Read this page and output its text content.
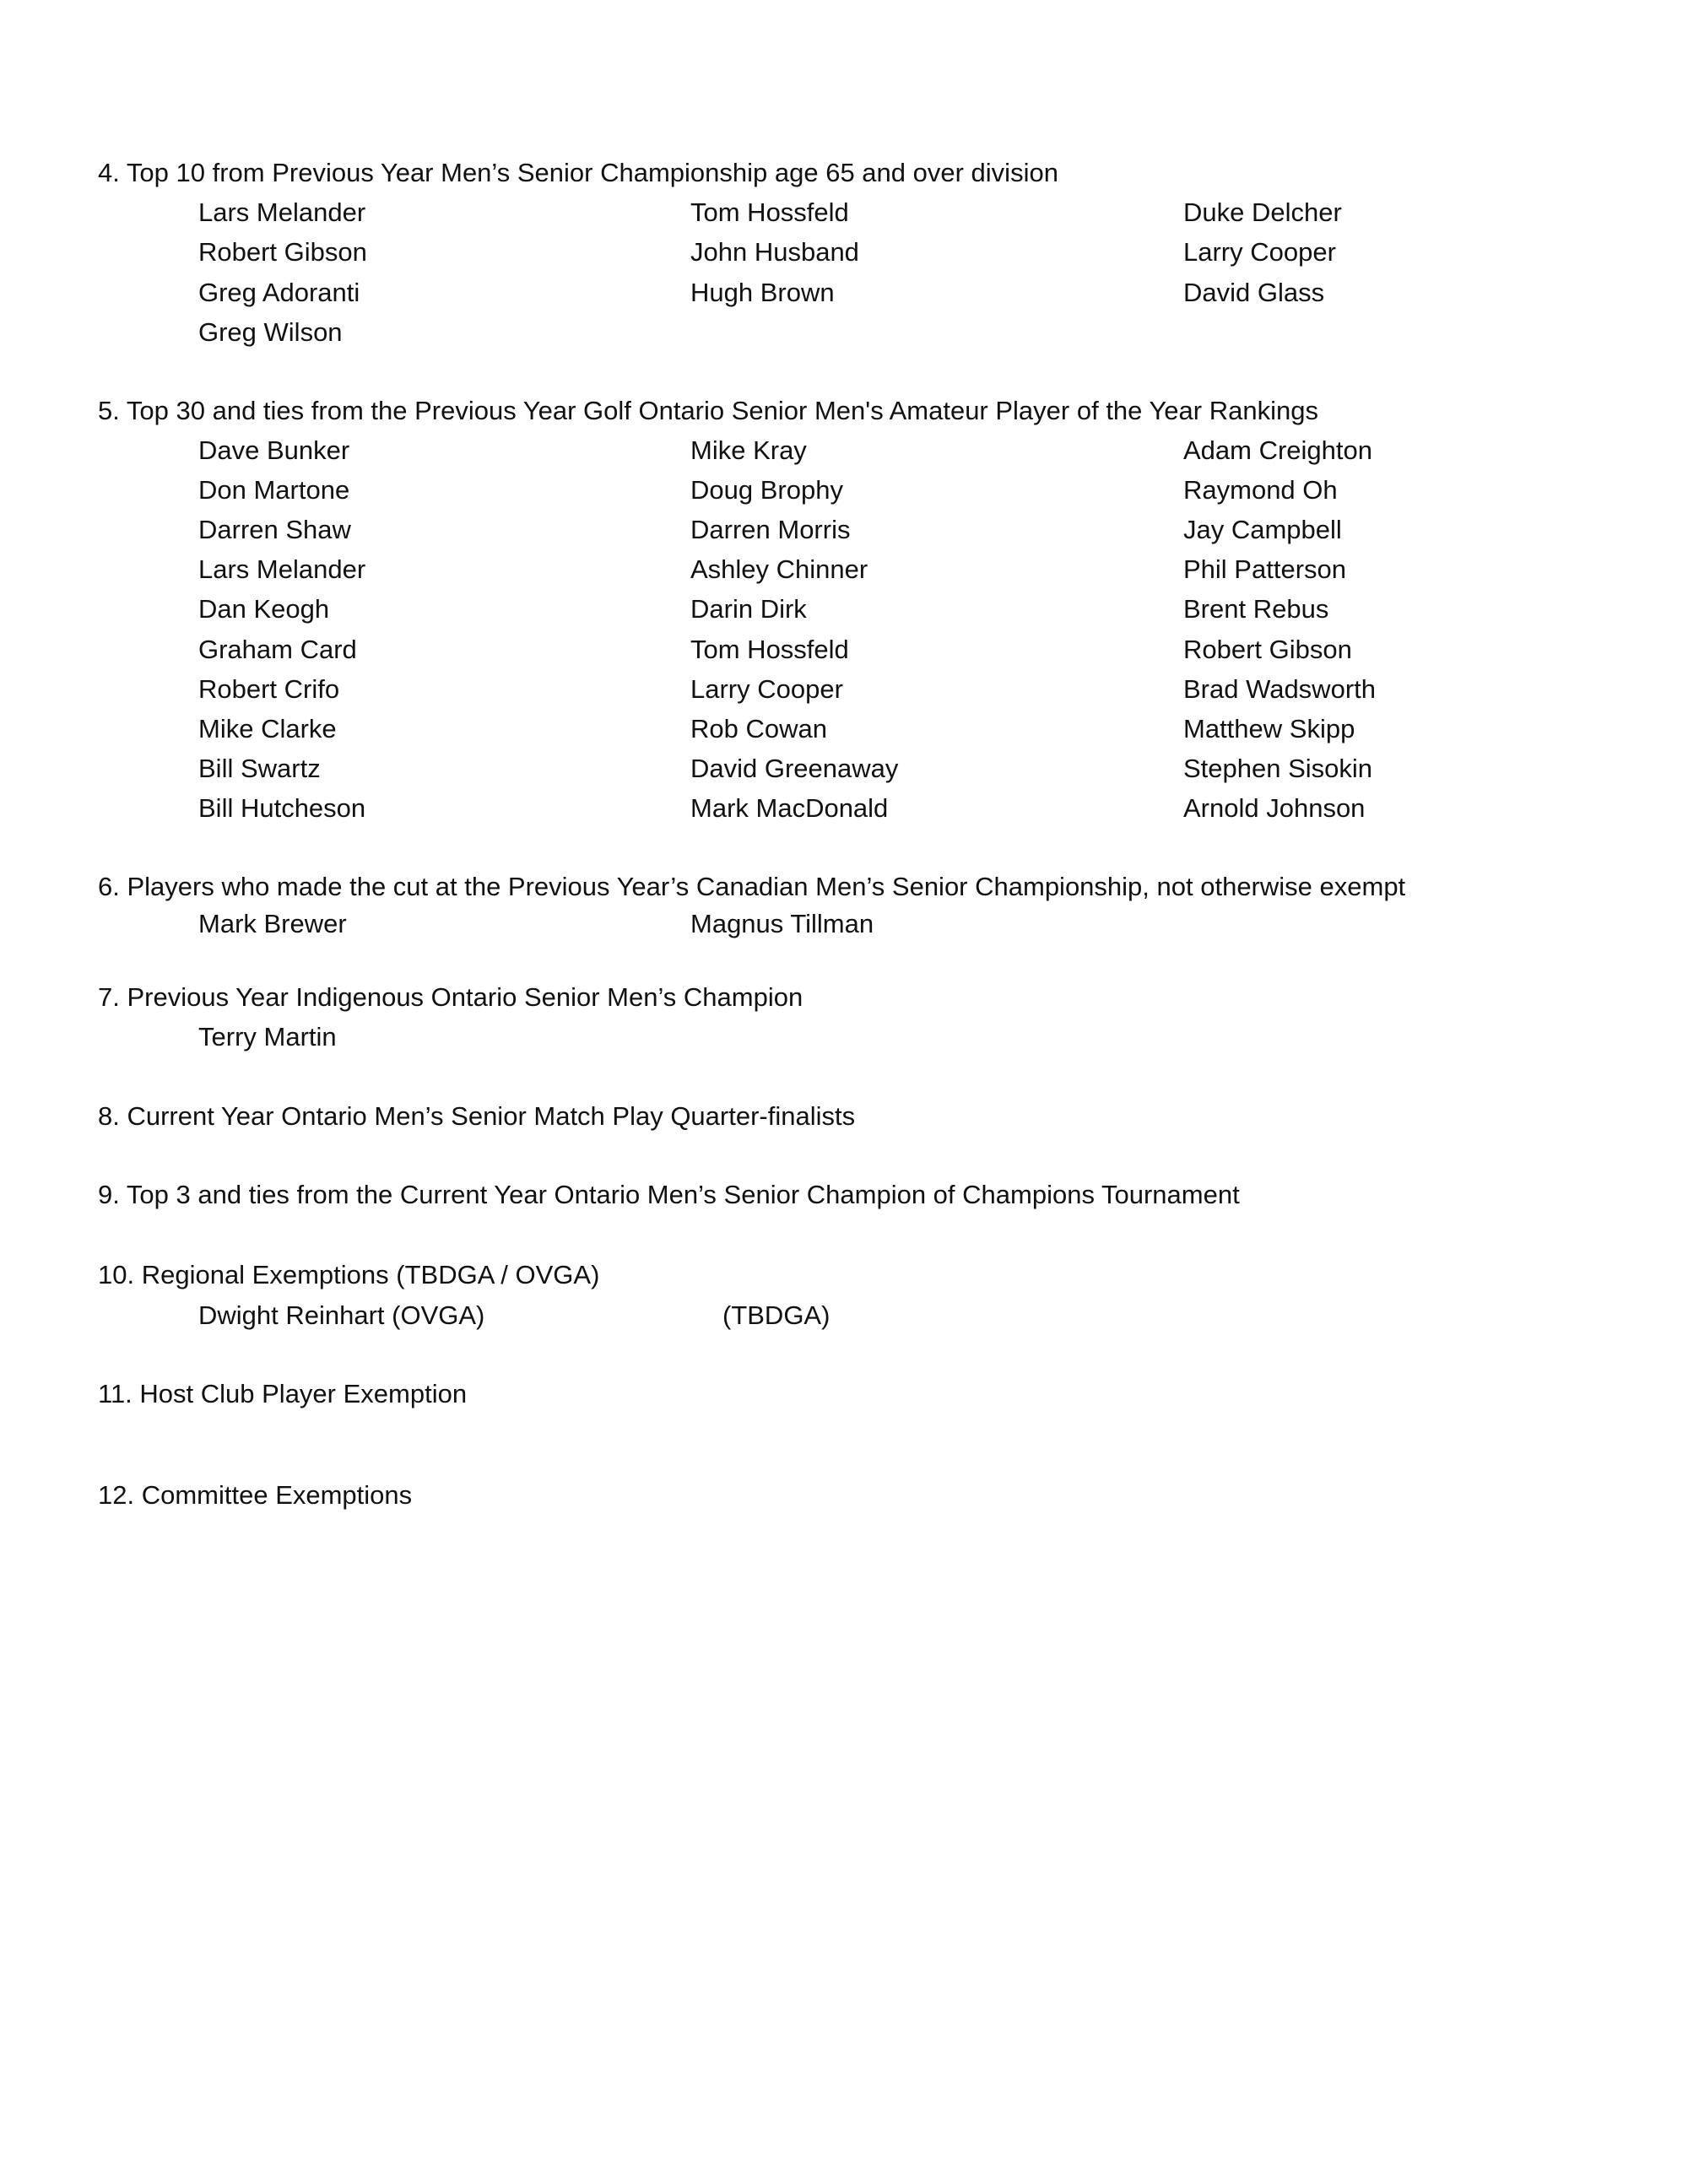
4. Top 10 from Previous Year Men’s Senior Championship age 65 and over division
Lars Melander	Tom Hossfeld	Duke Delcher
Robert Gibson	John Husband	Larry Cooper
Greg Adoranti	Hugh Brown	David Glass
Greg Wilson
5. Top 30 and ties from the Previous Year Golf Ontario Senior Men's Amateur Player of the Year Rankings
Dave Bunker	Mike Kray	Adam Creighton
Don Martone	Doug Brophy	Raymond Oh
Darren Shaw	Darren Morris	Jay Campbell
Lars Melander	Ashley Chinner	Phil Patterson
Dan Keogh	Darin Dirk	Brent Rebus
Graham Card	Tom Hossfeld	Robert Gibson
Robert Crifo	Larry Cooper	Brad Wadsworth
Mike Clarke	Rob Cowan	Matthew Skipp
Bill Swartz	David Greenaway	Stephen Sisokin
Bill Hutcheson	Mark MacDonald	Arnold Johnson
6. Players who made the cut at the Previous Year’s Canadian Men’s Senior Championship, not otherwise exempt
Mark Brewer	Magnus Tillman
7. Previous Year Indigenous Ontario Senior Men’s Champion
Terry Martin
8. Current Year Ontario Men’s Senior Match Play Quarter-finalists
9. Top 3 and ties from the Current Year Ontario Men’s Senior Champion of Champions Tournament
10. Regional Exemptions (TBDGA / OVGA)
Dwight Reinhart (OVGA)	(TBDGA)
11. Host Club Player Exemption
12. Committee Exemptions
